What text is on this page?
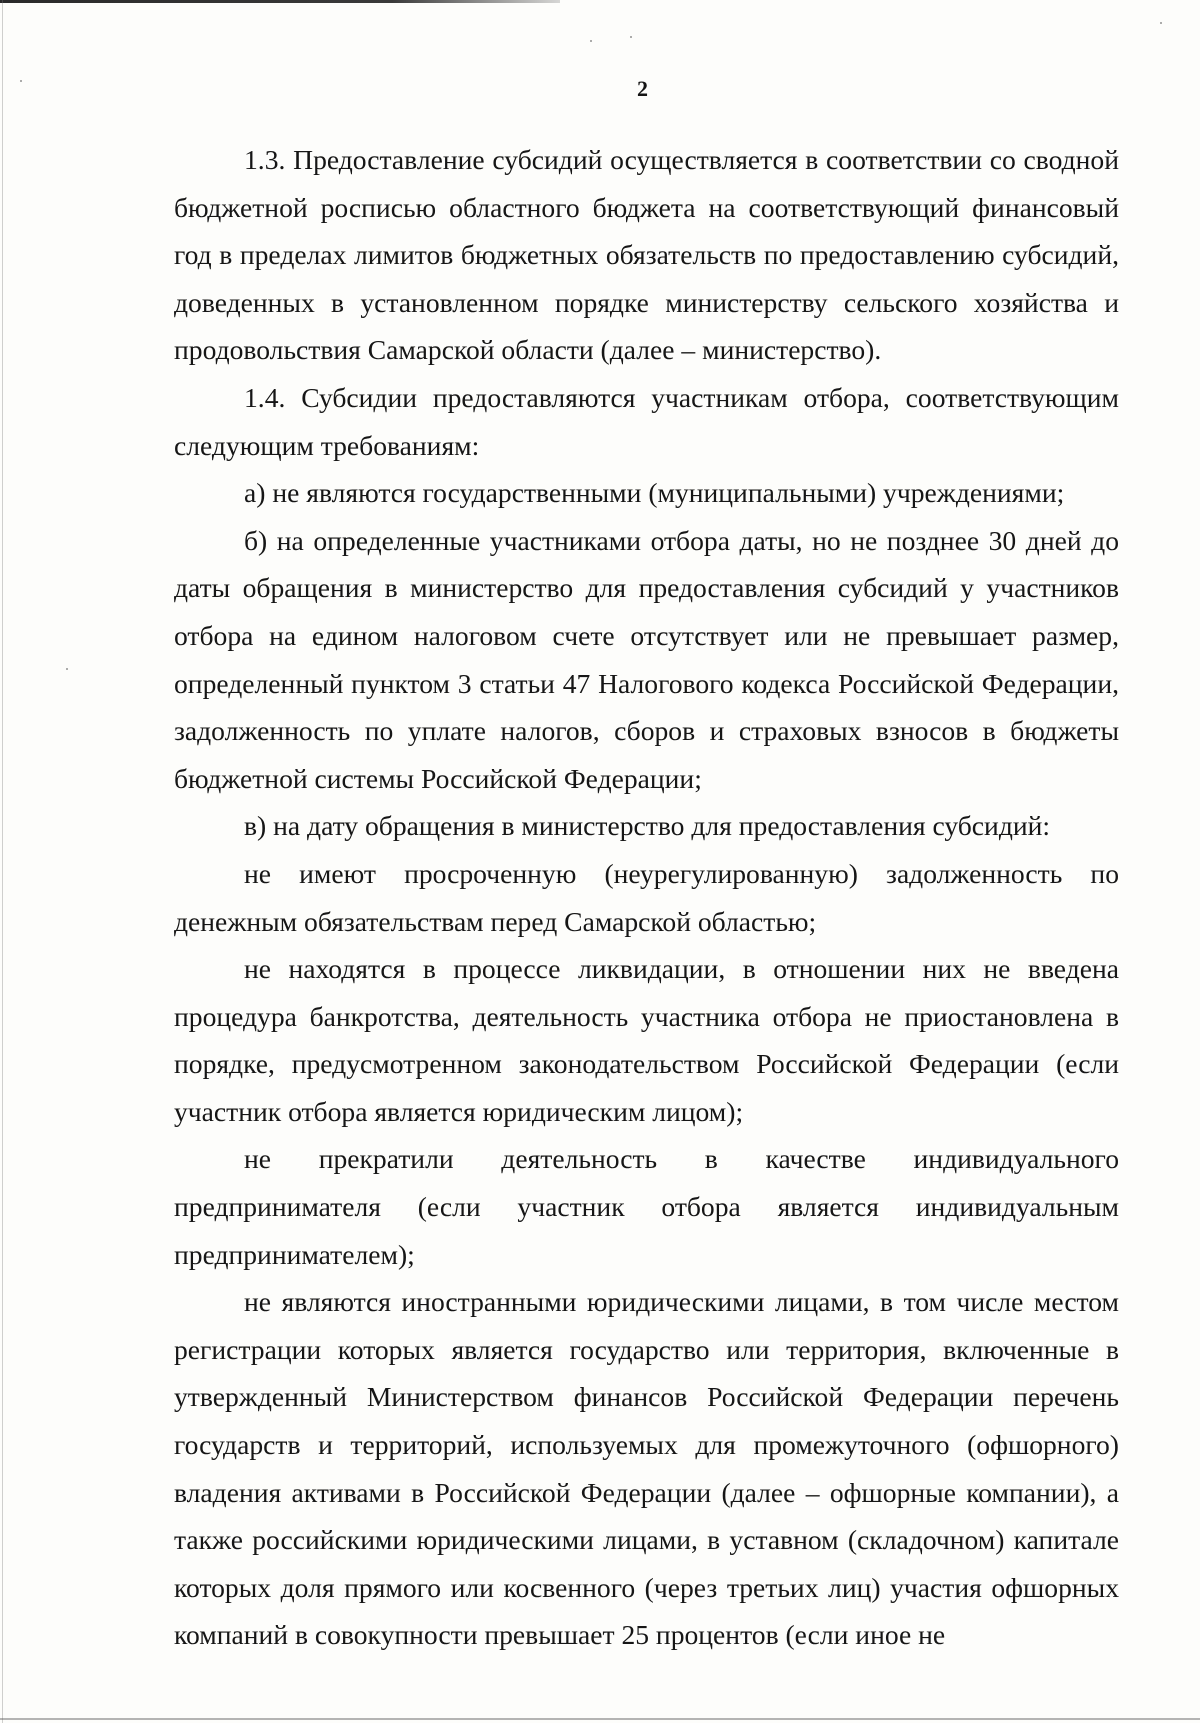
2

1.3. Предоставление субсидий осуществляется в соответствии со сводной бюджетной росписью областного бюджета на соответствующий финансовый год в пределах лимитов бюджетных обязательств по предоставлению субсидий, доведенных в установленном порядке министерству сельского хозяйства и продовольствия Самарской области (далее – министерство).

1.4. Субсидии предоставляются участникам отбора, соответствующим следующим требованиям:

а) не являются государственными (муниципальными) учреждениями;

б) на определенные участниками отбора даты, но не позднее 30 дней до даты обращения в министерство для предоставления субсидий у участников отбора на едином налоговом счете отсутствует или не превышает размер, определенный пунктом 3 статьи 47 Налогового кодекса Российской Федерации, задолженность по уплате налогов, сборов и страховых взносов в бюджеты бюджетной системы Российской Федерации;

в) на дату обращения в министерство для предоставления субсидий:

не имеют просроченную (неурегулированную) задолженность по денежным обязательствам перед Самарской областью;

не находятся в процессе ликвидации, в отношении них не введена процедура банкротства, деятельность участника отбора не приостановлена в порядке, предусмотренном законодательством Российской Федерации (если участник отбора является юридическим лицом);

не прекратили деятельность в качестве индивидуального предпринимателя (если участник отбора является индивидуальным предпринимателем);

не являются иностранными юридическими лицами, в том числе местом регистрации которых является государство или территория, включенные в утвержденный Министерством финансов Российской Федерации перечень государств и территорий, используемых для промежуточного (офшорного) владения активами в Российской Федерации (далее – офшорные компании), а также российскими юридическими лицами, в уставном (складочном) капитале которых доля прямого или косвенного (через третьих лиц) участия офшорных компаний в совокупности превышает 25 процентов (если иное не
